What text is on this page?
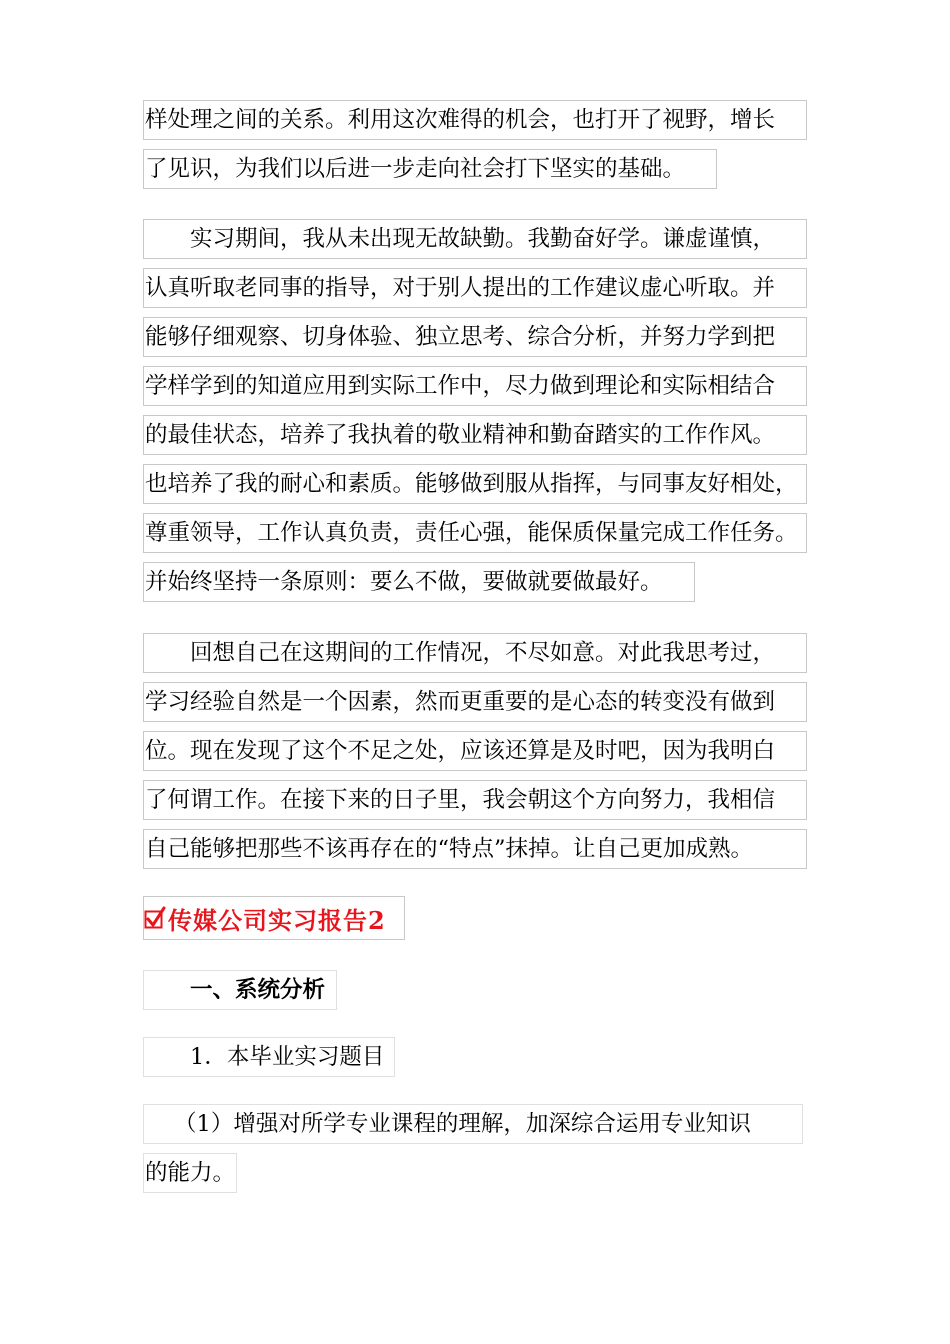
样处理之间的关系。利用这次难得的机会，也打开了视野，增长
了见识，为我们以后进一步走向社会打下坚实的基础。
实习期间，我从未出现无故缺勤。我勤奋好学。谦虚谨慎，
认真听取老同事的指导，对于别人提出的工作建议虚心听取。并
能够仔细观察、切身体验、独立思考、综合分析，并努力学到把
学样学到的知道应用到实际工作中，尽力做到理论和实际相结合
的最佳状态，培养了我执着的敬业精神和勤奋踏实的工作作风。
也培养了我的耐心和素质。能够做到服从指挥，与同事友好相处，
尊重领导，工作认真负责，责任心强，能保质保量完成工作任务。
并始终坚持一条原则：要么不做，要做就要做最好。
回想自己在这期间的工作情况，不尽如意。对此我思考过，
学习经验自然是一个因素，然而更重要的是心态的转变没有做到
位。现在发现了这个不足之处，应该还算是及时吧，因为我明白
了何谓工作。在接下来的日子里，我会朝这个方向努力，我相信
自己能够把那些不该再存在的“特点”抹掉。让自己更加成熟。
传媒公司实习报告2
一、系统分析
1．本毕业实习题目
（1）增强对所学专业课程的理解，加深综合运用专业知识
的能力。
